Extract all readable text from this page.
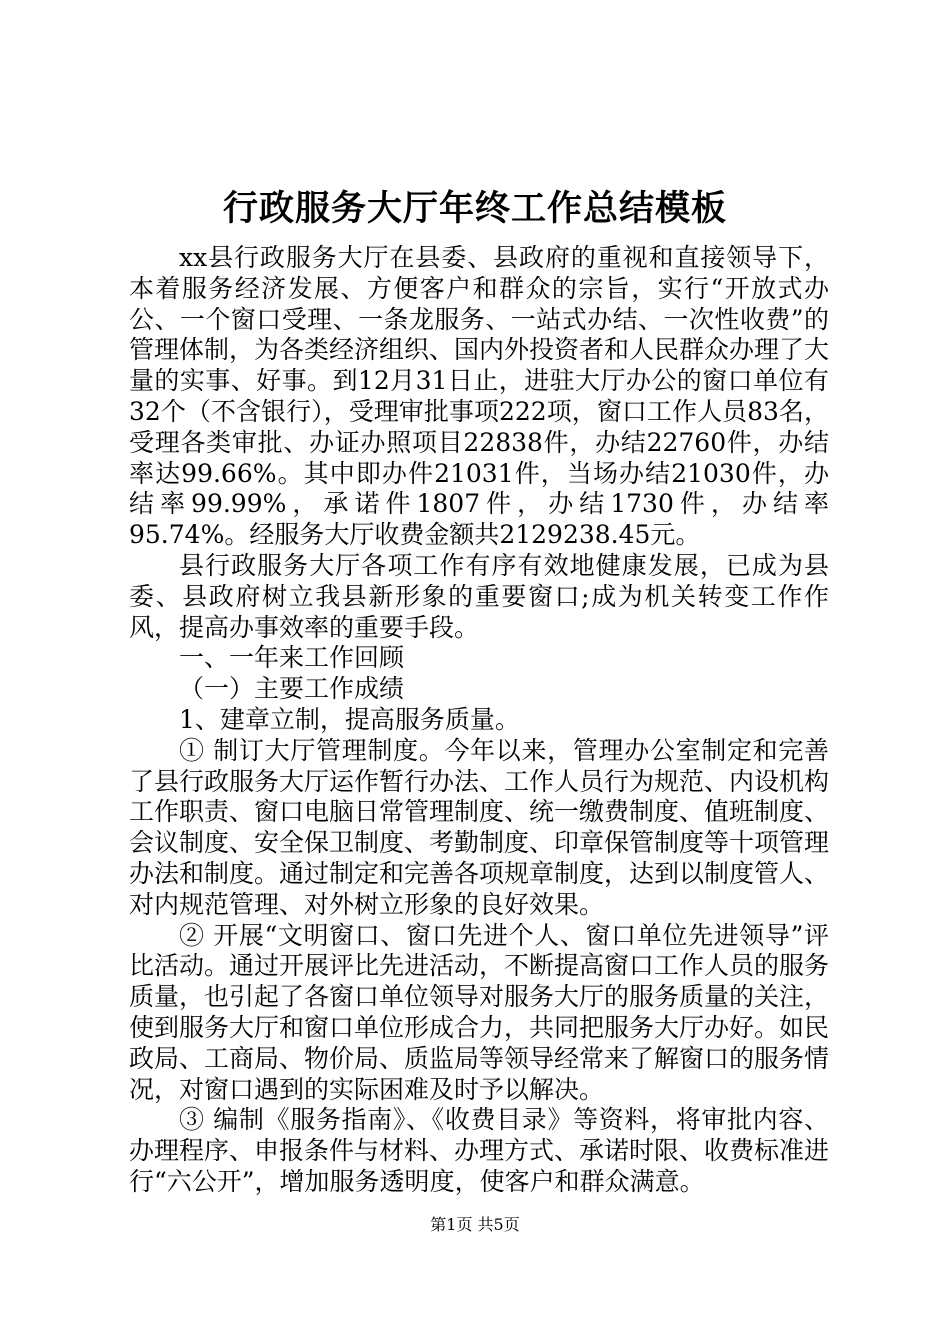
行政服务大厅年终工作总结模板

xx县行政服务大厅在县委、县政府的重视和直接领导下，本着服务经济发展、方便客户和群众的宗旨，实行“开放式办公、一个窗口受理、一条龙服务、一站式办结、一次性收费”的管理体制，为各类经济组织、国内外投资者和人民群众办理了大量的实事、好事。到12月31日止，进驻大厅办公的窗口单位有32个（不含银行），受理审批事项222项，窗口工作人员83名，受理各类审批、办证办照项目22838件，办结22760件，办结率达99.66%。其中即办件21031件，当场办结21030件，办结率99.99%，承诺件1807件，办结1730件，办结率95.74%。经服务大厅收费金额共2129238.45元。

县行政服务大厅各项工作有序有效地健康发展，已成为县委、县政府树立我县新形象的重要窗口;成为机关转变工作作风，提高办事效率的重要手段。

一、一年来工作回顾

（一）主要工作成绩

1、建章立制，提高服务质量。

① 制订大厅管理制度。今年以来，管理办公室制定和完善了县行政服务大厅运作暂行办法、工作人员行为规范、内设机构工作职责、窗口电脑日常管理制度、统一缴费制度、值班制度、会议制度、安全保卫制度、考勤制度、印章保管制度等十项管理办法和制度。通过制定和完善各项规章制度，达到以制度管人、对内规范管理、对外树立形象的良好效果。

② 开展“文明窗口、窗口先进个人、窗口单位先进领导”评比活动。通过开展评比先进活动，不断提高窗口工作人员的服务质量，也引起了各窗口单位领导对服务大厅的服务质量的关注，使到服务大厅和窗口单位形成合力，共同把服务大厅办好。如民政局、工商局、物价局、质监局等领导经常来了解窗口的服务情况，对窗口遇到的实际困难及时予以解决。

③ 编制《服务指南》、《收费目录》等资料，将审批内容、办理程序、申报条件与材料、办理方式、承诺时限、收费标准进行“六公开”，增加服务透明度，使客户和群众满意。

第1页 共5页
